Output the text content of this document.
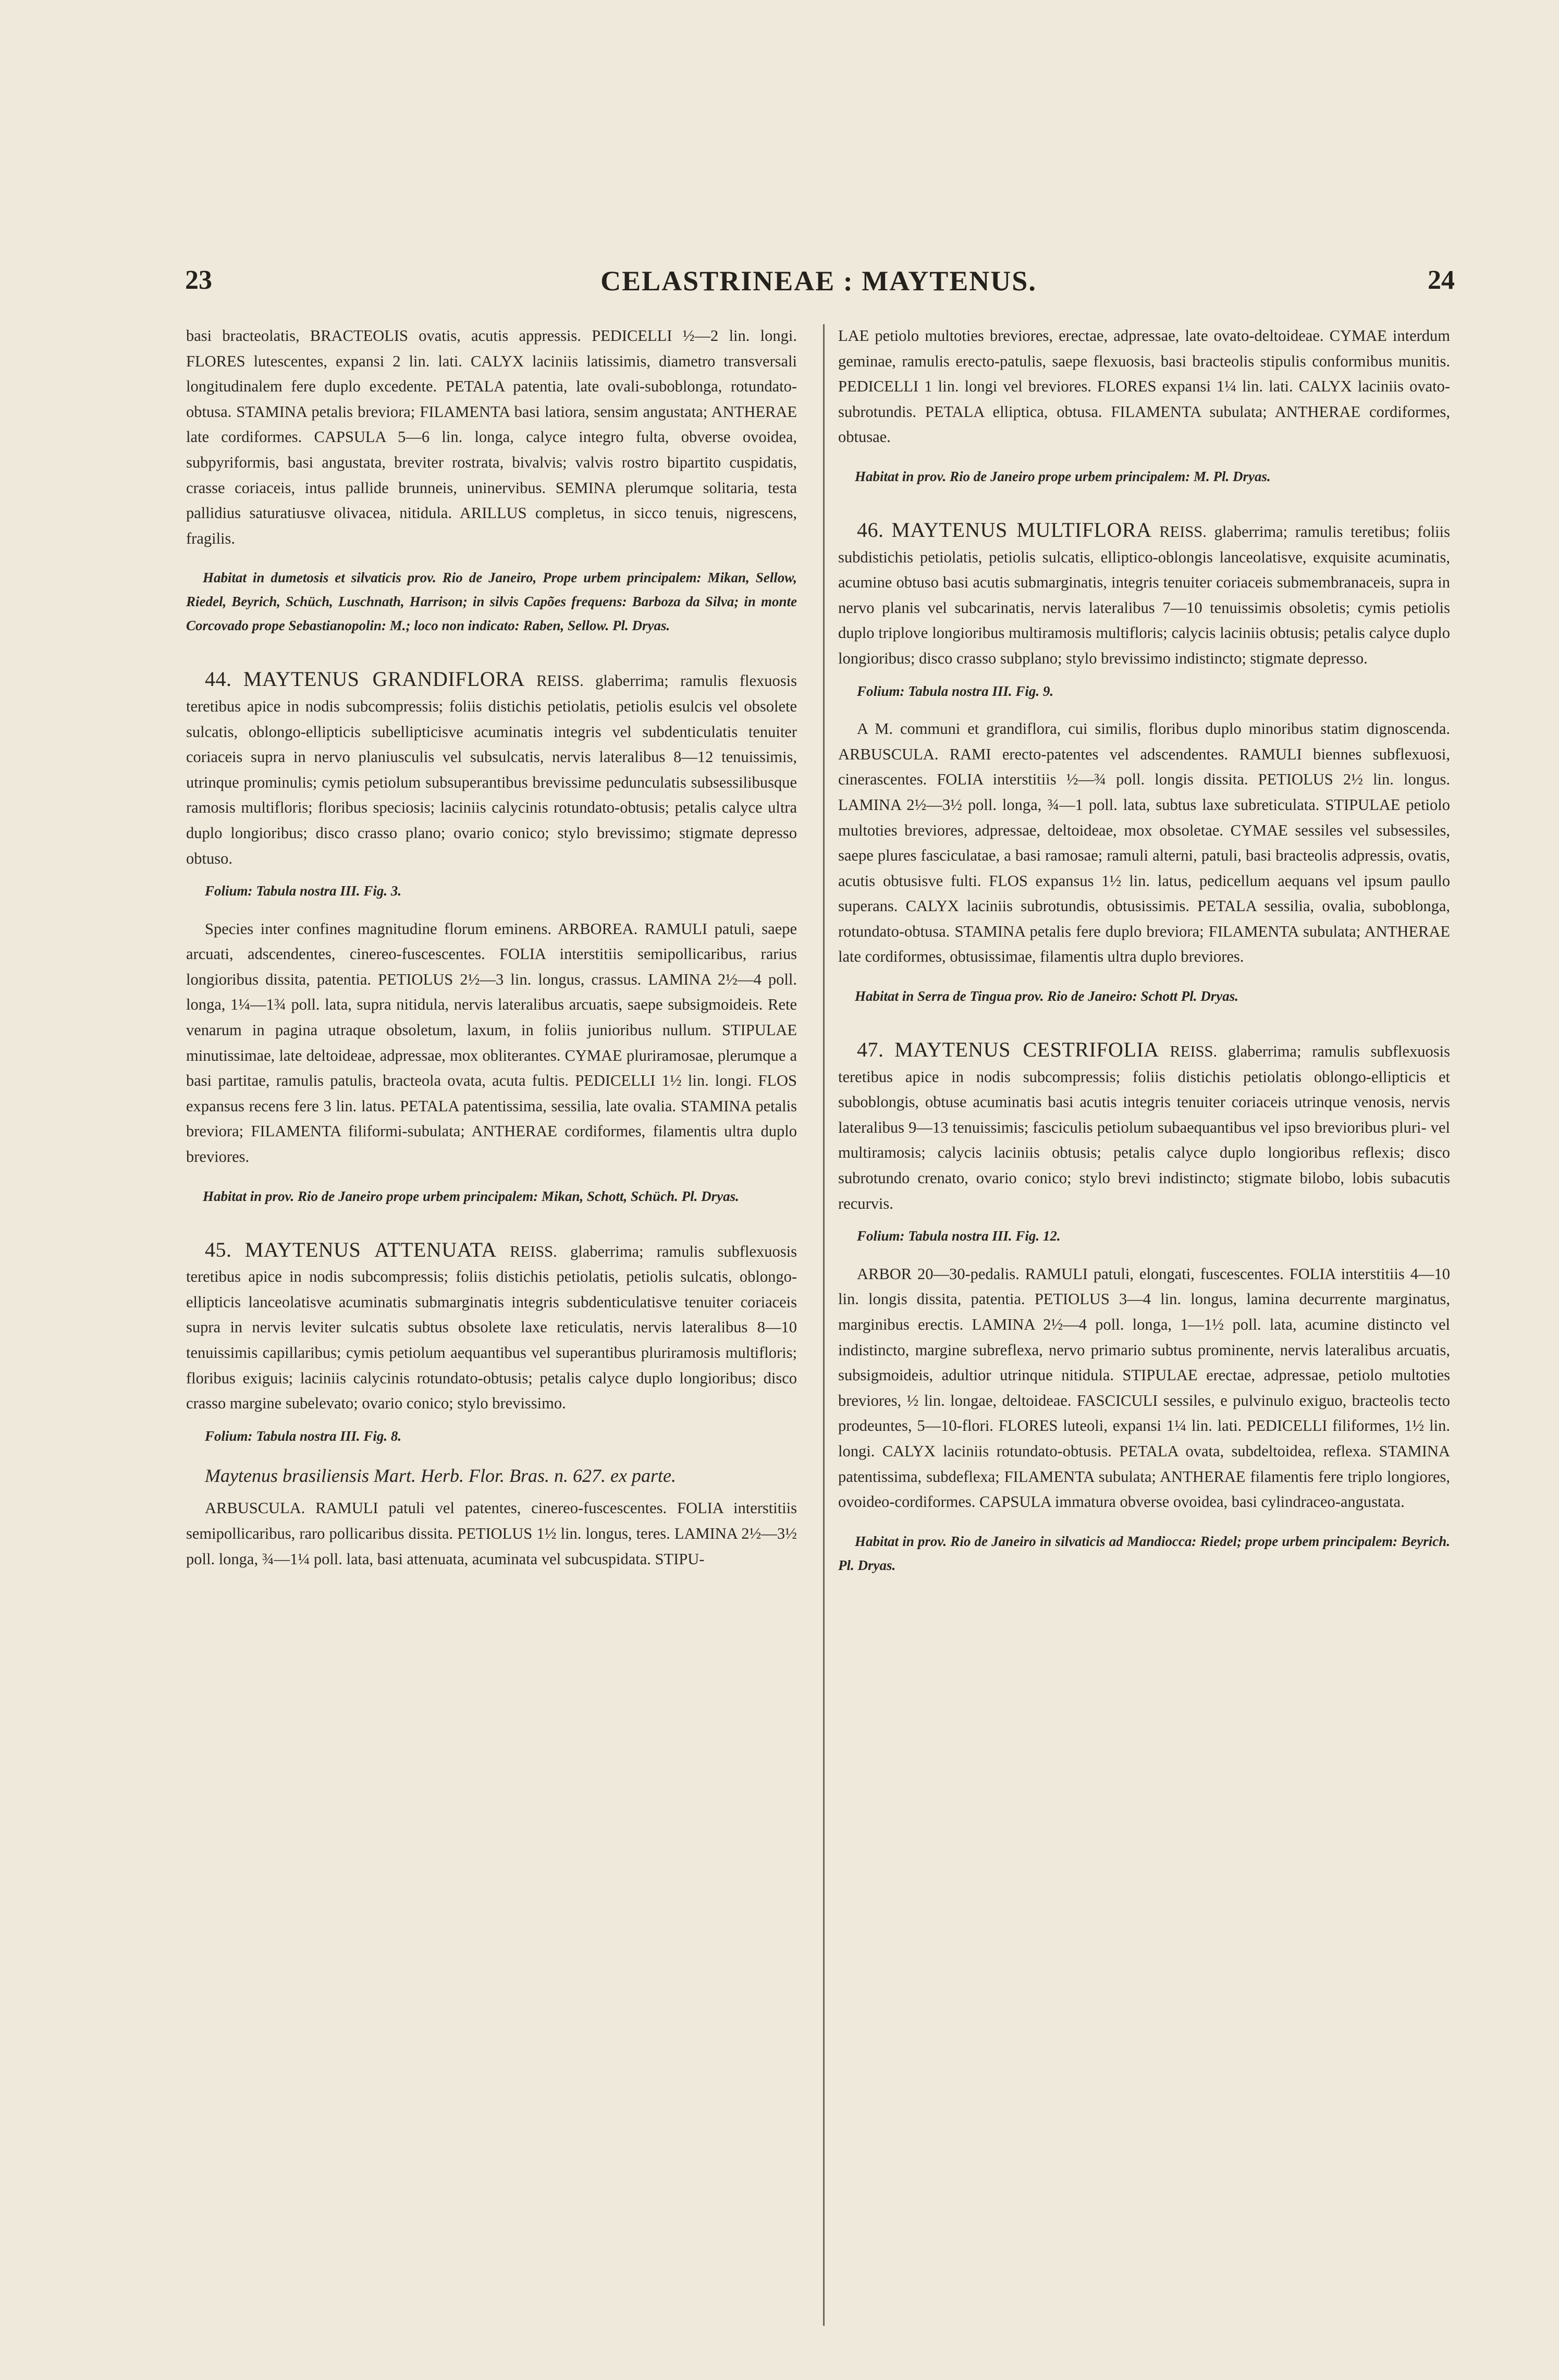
23	CELASTRINEAE : MAYTENUS.	24

basi bracteolatis, BRACTEOLIS ovatis, acutis appressis. PEDICELLI ½—2 lin. longi. FLORES lutescentes, expansi 2 lin. lati. CALYX laciniis latissimis, diametro transversali longitudinalem fere duplo excedente. PETALA patentia, late ovali-suboblonga, rotundato-obtusa. STAMINA petalis breviora; FILAMENTA basi latiora, sensim angustata; ANTHERAE late cordiformes. CAPSULA 5—6 lin. longa, calyce integro fulta, obverse ovoidea, subpyriformis, basi angustata, breviter rostrata, bivalvis; valvis rostro bipartito cuspidatis, crasse coriaceis, intus pallide brunneis, uninervibus. SEMINA plerumque solitaria, testa pallidius saturatiusve olivacea, nitidula. ARILLUS completus, in sicco tenuis, nigrescens, fragilis.

Habitat in dumetosis et silvaticis prov. Rio de Janeiro, Prope urbem principalem: Mikan, Sellow, Riedel, Beyrich, Schüch, Luschnath, Harrison; in silvis Capões frequens: Barboza da Silva; in monte Corcovado prope Sebastianopolin: M.; loco non indicato: Raben, Sellow. Pl. Dryas.

44. MAYTENUS GRANDIFLORA REISS. glaberrima; ramulis flexuosis teretibus apice in nodis subcompressis; foliis distichis petiolatis, petiolis esulcis vel obsolete sulcatis, oblongo-ellipticis subellipticisve acuminatis integris vel subdenticulatis tenuiter coriaceis supra in nervo planiusculis vel subsulcatis, nervis lateralibus 8—12 tenuissimis, utrinque prominulis; cymis petiolum subsuperantibus brevissime pedunculatis subsessilibusque ramosis multifloris; floribus speciosis; laciniis calycinis rotundato-obtusis; petalis calyce ultra duplo longioribus; disco crasso plano; ovario conico; stylo brevissimo; stigmate depresso obtuso.

Folium: Tabula nostra III. Fig. 3.

Species inter confines magnitudine florum eminens. ARBOREA. RAMULI patuli, saepe arcuati, adscendentes, cinereo-fuscescentes. FOLIA interstitiis semipollicaribus, rarius longioribus dissita, patentia. PETIOLUS 2½—3 lin. longus, crassus. LAMINA 2½—4 poll. longa, 1¼—1¾ poll. lata, supra nitidula, nervis lateralibus arcuatis, saepe subsigmoideis. Rete venarum in pagina utraque obsoletum, laxum, in foliis junioribus nullum. STIPULAE minutissimae, late deltoideae, adpressae, mox obliterantes. CYMAE pluriramosae, plerumque a basi partitae, ramulis patulis, bracteola ovata, acuta fultis. PEDICELLI 1½ lin. longi. FLOS expansus recens fere 3 lin. latus. PETALA patentissima, sessilia, late ovalia. STAMINA petalis breviora; FILAMENTA filiformi-subulata; ANTHERAE cordiformes, filamentis ultra duplo breviores.

Habitat in prov. Rio de Janeiro prope urbem principalem: Mikan, Schott, Schüch. Pl. Dryas.

45. MAYTENUS ATTENUATA REISS. glaberrima; ramulis subflexuosis teretibus apice in nodis subcompressis; foliis distichis petiolatis, petiolis sulcatis, oblongo-ellipticis lanceolatisve acuminatis submarginatis integris subdenticulatisve tenuiter coriaceis supra in nervis leviter sulcatis subtus obsolete laxe reticulatis, nervis lateralibus 8—10 tenuissimis capillaribus; cymis petiolum aequantibus vel superantibus pluriramosis multifloris; floribus exiguis; laciniis calycinis rotundato-obtusis; petalis calyce duplo longioribus; disco crasso margine subelevato; ovario conico; stylo brevissimo.

Folium: Tabula nostra III. Fig. 8.

Maytenus brasiliensis Mart. Herb. Flor. Bras. n. 627. ex parte.

ARBUSCULA. RAMULI patuli vel patentes, cinereo-fuscescentes. FOLIA interstitiis semipollicaribus, raro pollicaribus dissita. PETIOLUS 1½ lin. longus, teres. LAMINA 2½—3½ poll. longa, ¾—1¼ poll. lata, basi attenuata, acuminata vel subcuspidata. STIPU-

LAE petiolo multoties breviores, erectae, adpressae, late ovato-deltoideae. CYMAE interdum geminae, ramulis erecto-patulis, saepe flexuosis, basi bracteolis stipulis conformibus munitis. PEDICELLI 1 lin. longi vel breviores. FLORES expansi 1¼ lin. lati. CALYX laciniis ovato-subrotundis. PETALA elliptica, obtusa. FILAMENTA subulata; ANTHERAE cordiformes, obtusae.

Habitat in prov. Rio de Janeiro prope urbem principalem: M. Pl. Dryas.

46. MAYTENUS MULTIFLORA REISS. glaberrima; ramulis teretibus; foliis subdistichis petiolatis, petiolis sulcatis, elliptico-oblongis lanceolatisve, exquisite acuminatis, acumine obtuso basi acutis submarginatis, integris tenuiter coriaceis submembranaceis, supra in nervo planis vel subcarinatis, nervis lateralibus 7—10 tenuissimis obsoletis; cymis petiolis duplo triplove longioribus multiramosis multifloris; calycis laciniis obtusis; petalis calyce duplo longioribus; disco crasso subplano; stylo brevissimo indistincto; stigmate depresso.

Folium: Tabula nostra III. Fig. 9.

A M. communi et grandiflora, cui similis, floribus duplo minoribus statim dignoscenda. ARBUSCULA. RAMI erecto-patentes vel adscendentes. RAMULI biennes subflexuosi, cinerascentes. FOLIA interstitiis ½—¾ poll. longis dissita. PETIOLUS 2½ lin. longus. LAMINA 2½—3½ poll. longa, ¾—1 poll. lata, subtus laxe subreticulata. STIPULAE petiolo multoties breviores, adpressae, deltoideae, mox obsoletae. CYMAE sessiles vel subsessiles, saepe plures fasciculatae, a basi ramosae; ramuli alterni, patuli, basi bracteolis adpressis, ovatis, acutis obtusisve fulti. FLOS expansus 1½ lin. latus, pedicellum aequans vel ipsum paullo superans. CALYX laciniis subrotundis, obtusissimis. PETALA sessilia, ovalia, suboblonga, rotundato-obtusa. STAMINA petalis fere duplo breviora; FILAMENTA subulata; ANTHERAE late cordiformes, obtusissimae, filamentis ultra duplo breviores.

Habitat in Serra de Tingua prov. Rio de Janeiro: Schott Pl. Dryas.

47. MAYTENUS CESTRIFOLIA REISS. glaberrima; ramulis subflexuosis teretibus apice in nodis subcompressis; foliis distichis petiolatis oblongo-ellipticis et suboblongis, obtuse acuminatis basi acutis integris tenuiter coriaceis utrinque venosis, nervis lateralibus 9—13 tenuissimis; fasciculis petiolum subaequantibus vel ipso brevioribus pluri- vel multiramosis; calycis laciniis obtusis; petalis calyce duplo longioribus reflexis; disco subrotundo crenato, ovario conico; stylo brevi indistincto; stigmate bilobo, lobis subacutis recurvis.

Folium: Tabula nostra III. Fig. 12.

ARBOR 20—30-pedalis. RAMULI patuli, elongati, fuscescentes. FOLIA interstitiis 4—10 lin. longis dissita, patentia. PETIOLUS 3—4 lin. longus, lamina decurrente marginatus, marginibus erectis. LAMINA 2½—4 poll. longa, 1—1½ poll. lata, acumine distincto vel indistincto, margine subreflexa, nervo primario subtus prominente, nervis lateralibus arcuatis, subsigmoideis, adultior utrinque nitidula. STIPULAE erectae, adpressae, petiolo multoties breviores, ½ lin. longae, deltoideae. FASCICULI sessiles, e pulvinulo exiguo, bracteolis tecto prodeuntes, 5—10-flori. FLORES luteoli, expansi 1¼ lin. lati. PEDICELLI filiformes, 1½ lin. longi. CALYX laciniis rotundato-obtusis. PETALA ovata, subdeltoidea, reflexa. STAMINA patentissima, subdeflexa; FILAMENTA subulata; ANTHERAE filamentis fere triplo longiores, ovoideo-cordiformes. CAPSULA immatura obverse ovoidea, basi cylindraceo-angustata.

Habitat in prov. Rio de Janeiro in silvaticis ad Mandiocca: Riedel; prope urbem principalem: Beyrich. Pl. Dryas.
